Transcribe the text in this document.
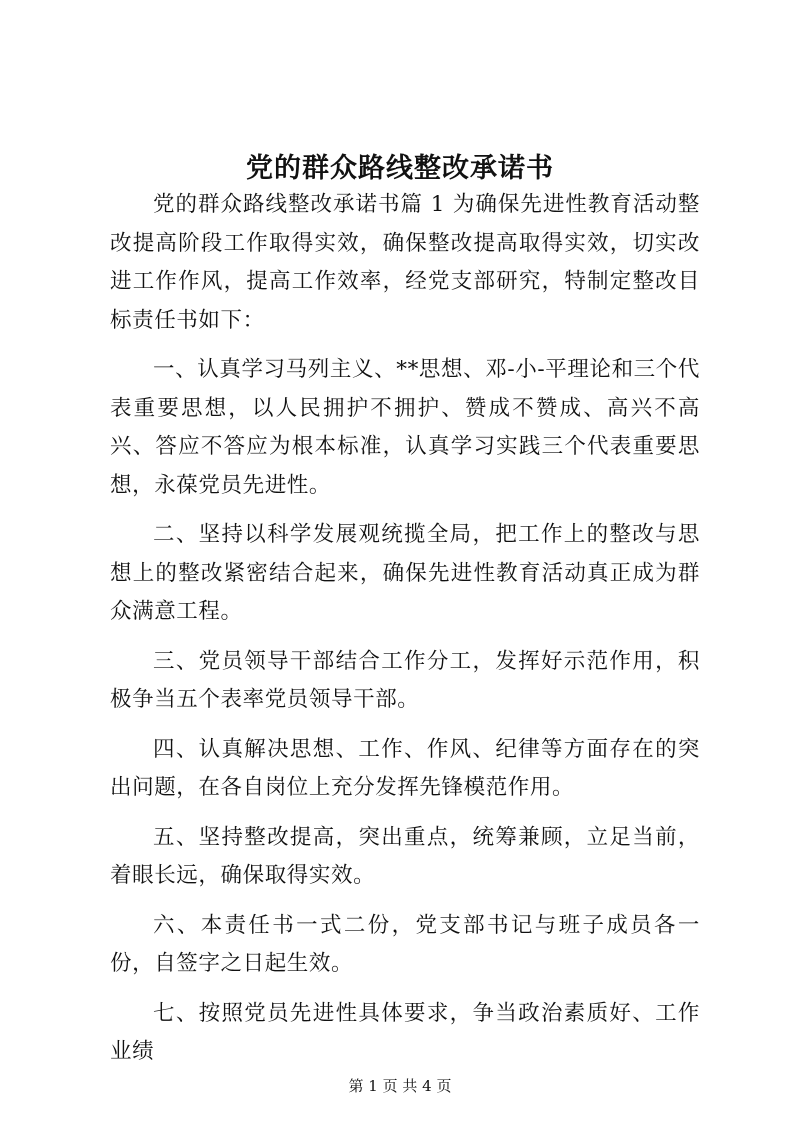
党的群众路线整改承诺书

党的群众路线整改承诺书篇 1 为确保先进性教育活动整改提高阶段工作取得实效，确保整改提高取得实效，切实改进工作作风，提高工作效率，经党支部研究，特制定整改目标责任书如下：

一、认真学习马列主义、**思想、邓-小-平理论和三个代表重要思想，以人民拥护不拥护、赞成不赞成、高兴不高兴、答应不答应为根本标准，认真学习实践三个代表重要思想，永葆党员先进性。

二、坚持以科学发展观统揽全局，把工作上的整改与思想上的整改紧密结合起来，确保先进性教育活动真正成为群众满意工程。

三、党员领导干部结合工作分工，发挥好示范作用，积极争当五个表率党员领导干部。

四、认真解决思想、工作、作风、纪律等方面存在的突出问题，在各自岗位上充分发挥先锋模范作用。

五、坚持整改提高，突出重点，统筹兼顾，立足当前，着眼长远，确保取得实效。

六、本责任书一式二份，党支部书记与班子成员各一份，自签字之日起生效。

七、按照党员先进性具体要求，争当政治素质好、工作业绩

第 1 页 共 4 页
